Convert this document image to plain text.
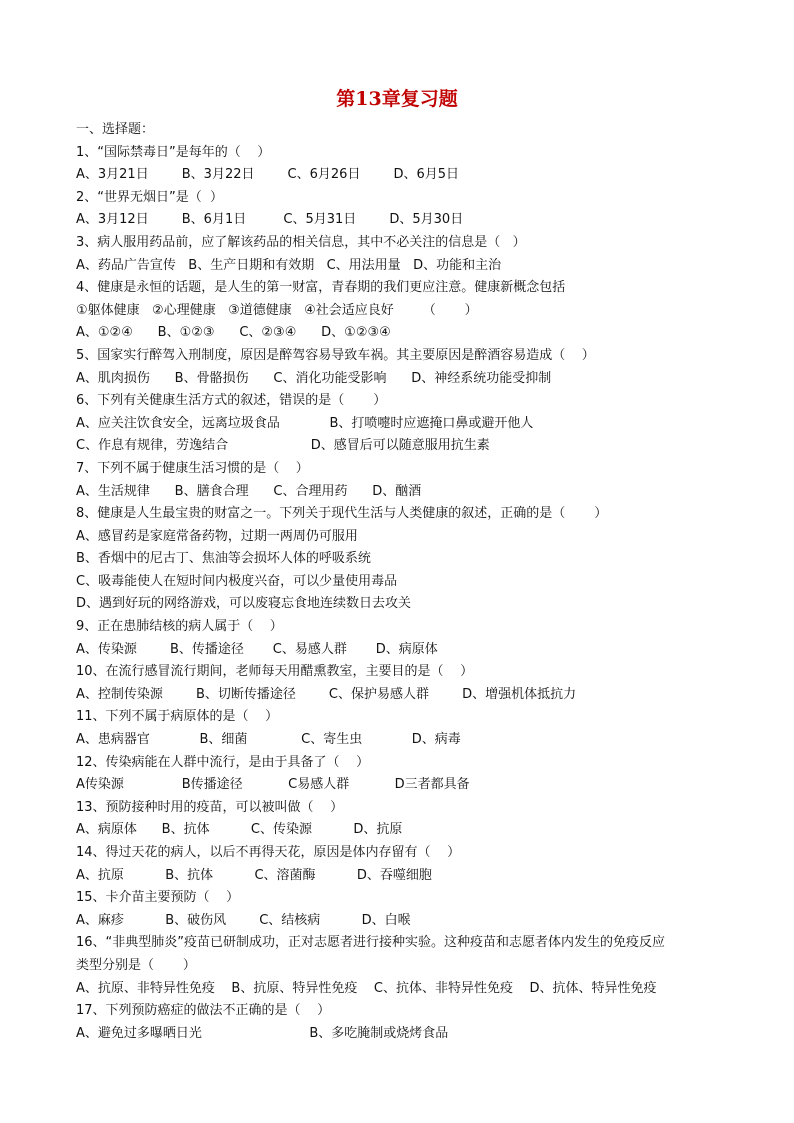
第13章复习题
一、选择题：
1、“国际禁毒日”是每年的（    ）
A、3月21日        B、3月22日        C、6月26日        D、6月5日
2、“世界无烟日”是（  ）
A、3月12日        B、6月1日         C、5月31日        D、5月30日
3、病人服用药品前，应了解该药品的相关信息，其中不必关注的信息是（   ）
A、药品广告宣传   B、生产日期和有效期   C、用法用量   D、功能和主治
4、健康是永恒的话题，是人生的第一财富，青春期的我们更应注意。健康新概念包括
①躯体健康   ②心理健康   ③道德健康   ④社会适应良好       （       ）
A、①②④      B、①②③      C、②③④      D、①②③④
5、国家实行醉驾入刑制度，原因是醉驾容易导致车祸。其主要原因是醉酒容易造成（    ）
A、肌肉损伤      B、骨骼损伤      C、消化功能受影响      D、神经系统功能受抑制
6、下列有关健康生活方式的叙述，错误的是（       ）
A、应关注饮食安全，远离垃圾食品            B、打喷嚏时应遮掩口鼻或避开他人
C、作息有规律，劳逸结合                    D、感冒后可以随意服用抗生素
7、下列不属于健康生活习惯的是（    ）
A、生活规律      B、膳食合理      C、合理用药      D、酗酒
8、健康是人生最宝贵的财富之一。下列关于现代生活与人类健康的叙述，正确的是（       ）
A、感冒药是家庭常备药物，过期一两周仍可服用
B、香烟中的尼古丁、焦油等会损坏人体的呼吸系统
C、吸毒能使人在短时间内极度兴奋，可以少量使用毒品
D、遇到好玩的网络游戏，可以废寝忘食地连续数日去攻关
9、正在患肺结核的病人属于（    ）
A、传染源        B、传播途径       C、易感人群       D、病原体
10、在流行感冒流行期间，老师每天用醋熏教室，主要目的是（    ）
A、控制传染源        B、切断传播途径        C、保护易感人群        D、增强机体抵抗力
11、下列不属于病原体的是（    ）
A、患病器官            B、细菌             C、寄生虫            D、病毒
12、传染病能在人群中流行，是由于具备了（    ）
A传染源              B传播途径           C易感人群           D三者都具备
13、预防接种时用的疫苗，可以被叫做（    ）
A、病原体      B、抗体          C、传染源          D、抗原
14、得过天花的病人，以后不再得天花，原因是体内存留有（    ）
A、抗原          B、抗体          C、溶菌酶          D、吞噬细胞
15、卡介苗主要预防（    ）
A、麻疹          B、破伤风        C、结核病          D、白喉
16、“非典型肺炎”疫苗已研制成功，正对志愿者进行接种实验。这种疫苗和志愿者体内发生的免疫反应
类型分别是（       ）
A、抗原、非特异性免疫    B、抗原、特异性免疫    C、抗体、非特异性免疫    D、抗体、特异性免疫
17、下列预防癌症的做法不正确的是（    ）
A、避免过多曝晒日光                          B、多吃腌制或烧烤食品
